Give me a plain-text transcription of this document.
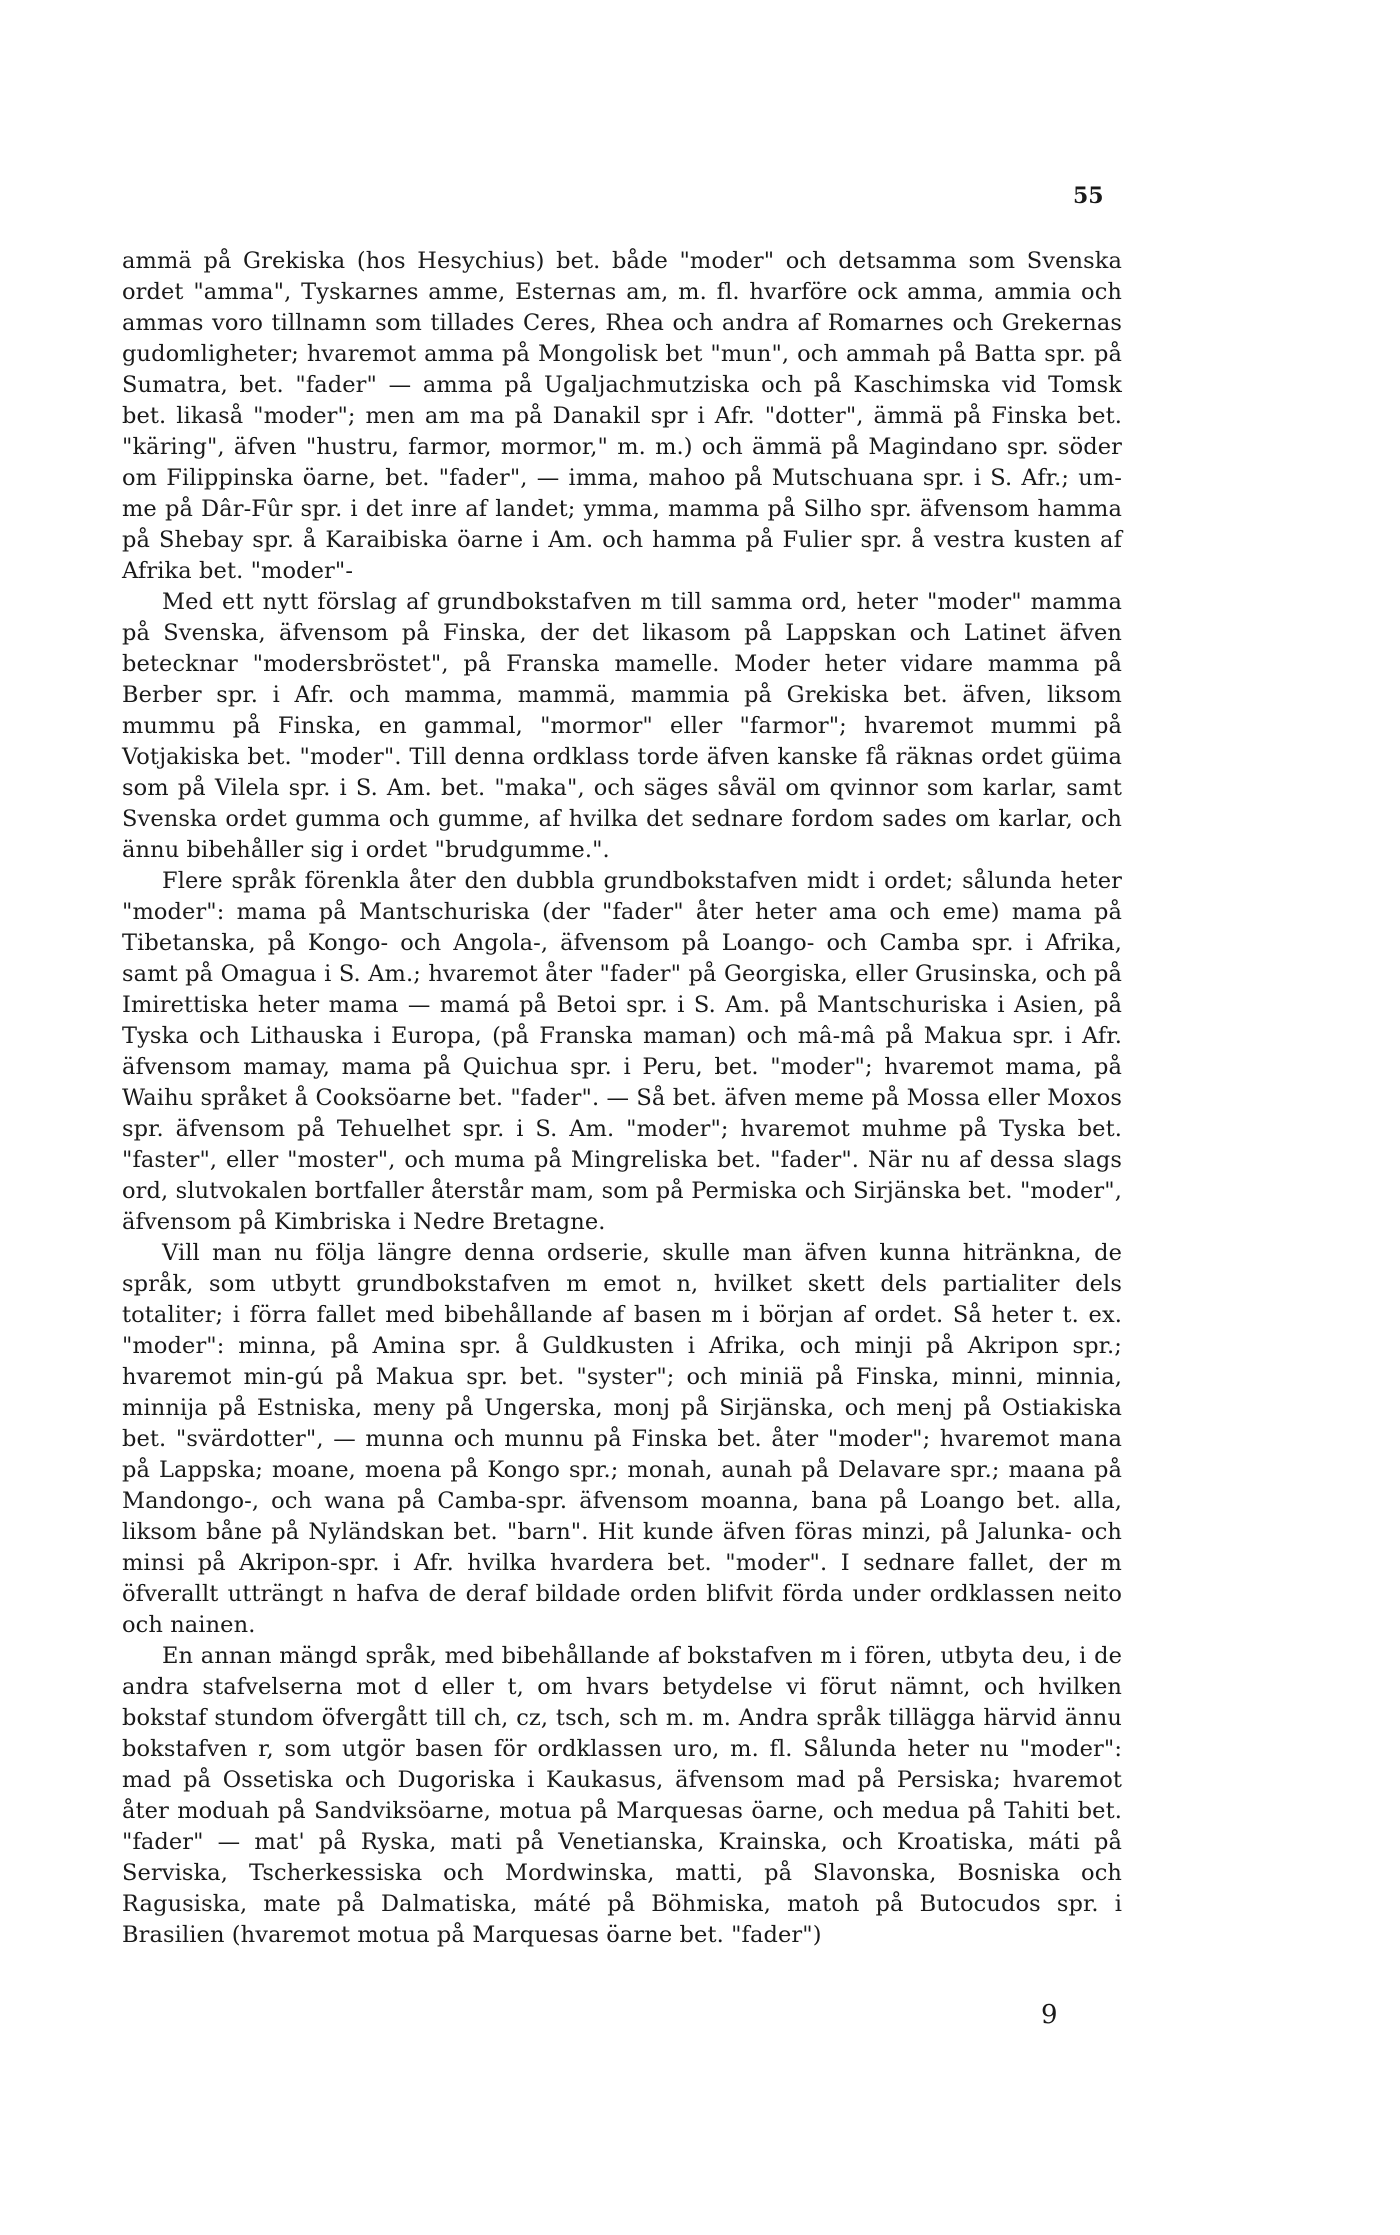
55

ammä på Grekiska (hos Hesychius) bet. både "moder" och detsamma som Svenska ordet "amma", Tyskarnes amme, Esternas am, m. fl. hvarföre ock amma, ammia och ammas voro tillnamn som tillades Ceres, Rhea och andra af Romarnes och Grekernas gudomligheter; hvaremot amma på Mongolisk bet "mun", och ammah på Batta spr. på Sumatra, bet. "fader" — amma på Ugaljachmutziska och på Kaschimska vid Tomsk bet. likaså "moder"; men am ma på Danakil spr i Afr. "dotter", ämmä på Finska bet. "käring", äfven "hustru, farmor, mormor," m. m.) och ämmä på Magindano spr. söder om Filippinska öarne, bet. "fader", — imma, mahoo på Mutschuana spr. i S. Afr.; um-me på Dâr-Fûr spr. i det inre af landet; ymma, mamma på Silho spr. äfvensom hamma på Shebay spr. å Karaibiska öarne i Am. och hamma på Fulier spr. å vestra kusten af Afrika bet. "moder"-

Med ett nytt förslag af grundbokstafven m till samma ord, heter "moder" mamma på Svenska, äfvensom på Finska, der det likasom på Lappskan och Latinet äfven betecknar "modersbröstet", på Franska mamelle. Moder heter vidare mamma på Berber spr. i Afr. och mamma, mammä, mammia på Grekiska bet. äfven, liksom mummu på Finska, en gammal, "mormor" eller "farmor"; hvaremot mummi på Votjakiska bet. "moder". Till denna ordklass torde äfven kanske få räknas ordet güima som på Vilela spr. i S. Am. bet. "maka", och säges såväl om qvinnor som karlar, samt Svenska ordet gumma och gumme, af hvilka det sednare fordom sades om karlar, och ännu bibehåller sig i ordet "brudgumme.".

Flere språk förenkla åter den dubbla grundbokstafven midt i ordet; sålunda heter "moder": mama på Mantschuriska (der "fader" åter heter ama och eme) mama på Tibetanska, på Kongo- och Angola-, äfvensom på Loango- och Camba spr. i Afrika, samt på Omagua i S. Am.; hvaremot åter "fader" på Georgiska, eller Grusinska, och på Imirettiska heter mama — mamá på Betoi spr. i S. Am. på Mantschuriska i Asien, på Tyska och Lithauska i Europa, (på Franska maman) och mâ-mâ på Makua spr. i Afr. äfvensom mamay, mama på Quichua spr. i Peru, bet. "moder"; hvaremot mama, på Waihu språket å Cooksöarne bet. "fader". — Så bet. äfven meme på Mossa eller Moxos spr. äfvensom på Tehuelhet spr. i S. Am. "moder"; hvaremot muhme på Tyska bet. "faster", eller "moster", och muma på Mingreliska bet. "fader". När nu af dessa slags ord, slutvokalen bortfaller återstår mam, som på Permiska och Sirjänska bet. "moder", äfvensom på Kimbriska i Nedre Bretagne.

Vill man nu följa längre denna ordserie, skulle man äfven kunna hitränkna, de språk, som utbytt grundbokstafven m emot n, hvilket skett dels partialiter dels totaliter; i förra fallet med bibehållande af basen m i början af ordet. Så heter t. ex. "moder": minna, på Amina spr. å Guldkusten i Afrika, och minji på Akripon spr.; hvaremot min-gú på Makua spr. bet. "syster"; och miniä på Finska, minni, minnia, minnija på Estniska, meny på Ungerska, monj på Sirjänska, och menj på Ostiakiska bet. "svärdotter", — munna och munnu på Finska bet. åter "moder"; hvaremot mana på Lappska; moane, moena på Kongo spr.; monah, aunah på Delavare spr.; maana på Mandongo-, och wana på Camba-spr. äfvensom moanna, bana på Loango bet. alla, liksom båne på Nyländskan bet. "barn". Hit kunde äfven föras minzi, på Jalunka- och minsi på Akripon-spr. i Afr. hvilka hvardera bet. "moder". I sednare fallet, der m öfverallt utträngt n hafva de deraf bildade orden blifvit förda under ordklassen neito och nainen.

En annan mängd språk, med bibehållande af bokstafven m i fören, utbyta deu, i de andra stafvelserna mot d eller t, om hvars betydelse vi förut nämnt, och hvilken bokstaf stundom öfvergått till ch, cz, tsch, sch m. m. Andra språk tillägga härvid ännu bokstafven r, som utgör basen för ordklassen uro, m. fl. Sålunda heter nu "moder": mad på Ossetiska och Dugoriska i Kaukasus, äfvensom mad på Persiska; hvaremot åter moduah på Sandviksöarne, motua på Marquesas öarne, och medua på Tahiti bet. "fader" — mat' på Ryska, mati på Venetianska, Krainska, och Kroatiska, máti på Serviska, Tscherkessiska och Mordwinska, matti, på Slavonska, Bosniska och Ragusiska, mate på Dalmatiska, máté på Böhmiska, matoh på Butocudos spr. i Brasilien (hvaremot motua på Marquesas öarne bet. "fader")

9
